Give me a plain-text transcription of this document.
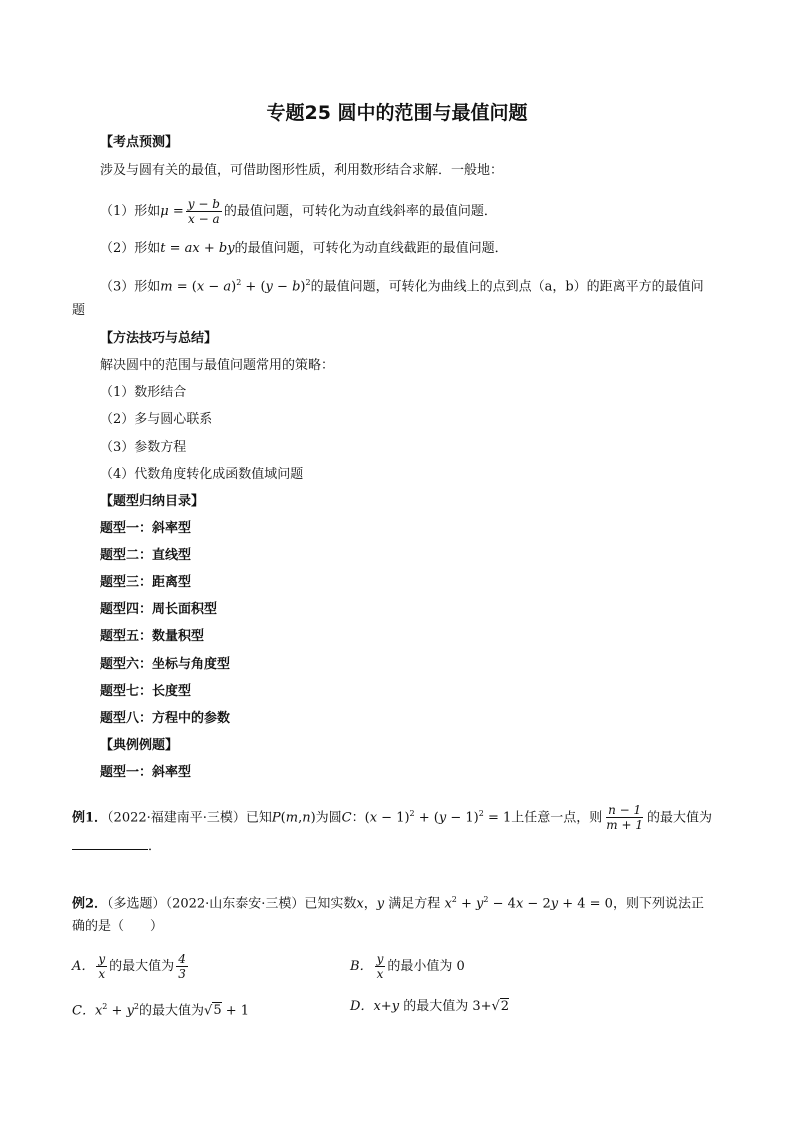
专题25 圆中的范围与最值问题
【考点预测】
涉及与圆有关的最值，可借助图形性质，利用数形结合求解．一般地：
（1）形如$\mu = \frac{y - b}{x - a}$ 的最值问题，可转化为动直线斜率的最值问题．
（2）形如t = ax + by的最值问题，可转化为动直线截距的最值问题．
（3）形如$m = (x - a)^2 + (y - b)^2$的最值问题，可转化为曲线上的点到点（a，b）的距离平方的最值问
题
【方法技巧与总结】
解决圆中的范围与最值问题常用的策略：
（1）数形结合
（2）多与圆心联系
（3）参数方程
（4）代数角度转化成函数值域问题
【题型归纳目录】
题型一：斜率型
题型二：直线型
题型三：距离型
题型四：周长面积型
题型五：数量积型
题型六：坐标与角度型
题型七：长度型
题型八：方程中的参数
【典例例题】
题型一：斜率型
例1．（2022·福建南平·三模）已知P(m,n)为圆C：$(x - 1)^2 + (y - 1)^2 = 1$上任意一点，则 $\frac{n - 1}{m + 1}$ 的最大值为
．
例2．（多选题）（2022·山东泰安·三模）已知实数x，y 满足方程 $x^2 + y^2 - 4x - 2y + 4 = 0$，则下列说法正
确的是（　　）
A． $\frac{y}{x}$ 的最大值为 $\frac{4}{3}$	B． $\frac{y}{x}$ 的最小值为 0
C．$x^2 + y^2$的最大值为√5 + 1	D．x+y 的最大值为 3+√2
